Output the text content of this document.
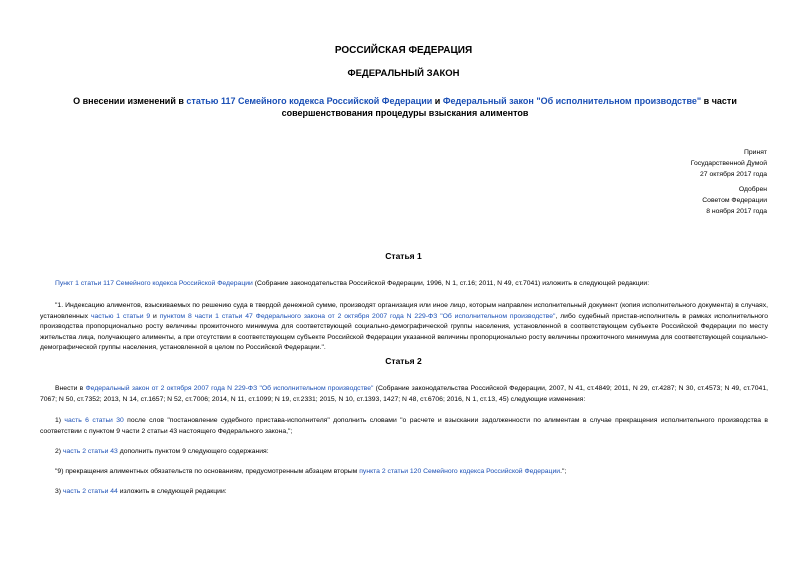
РОССИЙСКАЯ ФЕДЕРАЦИЯ
ФЕДЕРАЛЬНЫЙ ЗАКОН
О внесении изменений в статью 117 Семейного кодекса Российской Федерации и Федеральный закон "Об исполнительном производстве" в части совершенствования процедуры взыскания алиментов
Принят
Государственной Думой
27 октября 2017 года
Одобрен
Советом Федерации
8 ноября 2017 года
Статья 1
Пункт 1 статьи 117 Семейного кодекса Российской Федерации (Собрание законодательства Российской Федерации, 1996, N 1, ст.16; 2011, N 49, ст.7041) изложить в следующей редакции:
"1. Индексацию алиментов, взыскиваемых по решению суда в твердой денежной сумме, производят организация или иное лицо, которым направлен исполнительный документ (копия исполнительного документа) в случаях, установленных частью 1 статьи 9 и пунктом 8 части 1 статьи 47 Федерального закона от 2 октября 2007 года N 229-ФЗ "Об исполнительном производстве", либо судебный пристав-исполнитель в рамках исполнительного производства пропорционально росту величины прожиточного минимума для соответствующей социально-демографической группы населения, установленной в соответствующем субъекте Российской Федерации по месту жительства лица, получающего алименты, а при отсутствии в соответствующем субъекте Российской Федерации указанной величины пропорционально росту величины прожиточного минимума для соответствующей социально-демографической группы населения, установленной в целом по Российской Федерации.".
Статья 2
Внести в Федеральный закон от 2 октября 2007 года N 229-ФЗ "Об исполнительном производстве" (Собрание законодательства Российской Федерации, 2007, N 41, ст.4849; 2011, N 29, ст.4287; N 30, ст.4573; N 49, ст.7041, 7067; N 50, ст.7352; 2013, N 14, ст.1657; N 52, ст.7006; 2014, N 11, ст.1099; N 19, ст.2331; 2015, N 10, ст.1393, 1427; N 48, ст.6706; 2016, N 1, ст.13, 45) следующие изменения:
1) часть 6 статьи 30 после слов "постановление судебного пристава-исполнителя" дополнить словами "о расчете и взыскании задолженности по алиментам в случае прекращения исполнительного производства в соответствии с пунктом 9 части 2 статьи 43 настоящего Федерального закона,";
2) часть 2 статьи 43 дополнить пунктом 9 следующего содержания:
"9) прекращения алиментных обязательств по основаниям, предусмотренным абзацем вторым пункта 2 статьи 120 Семейного кодекса Российской Федерации.";
3) часть 2 статьи 44 изложить в следующей редакции:
